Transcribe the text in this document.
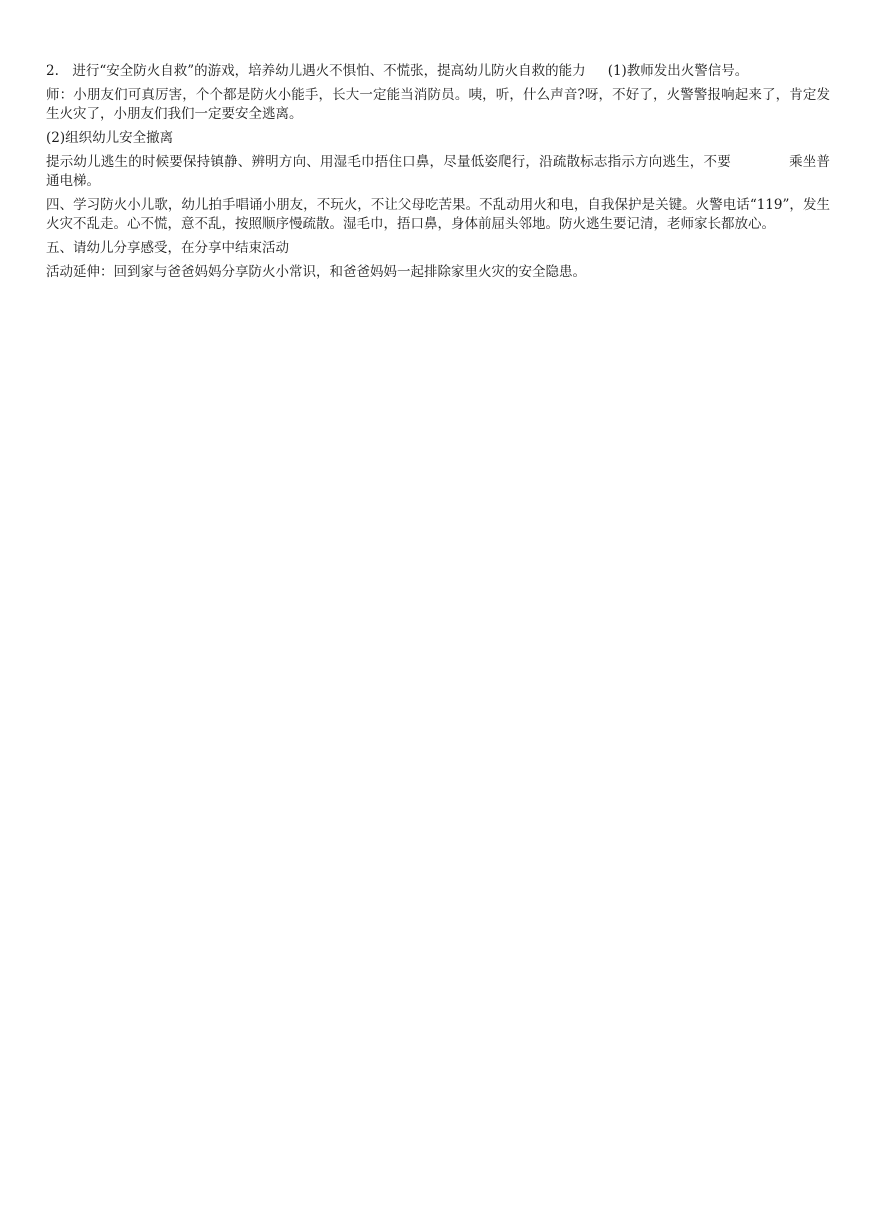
2.　进行“安全防火自救”的游戏，培养幼儿遇火不惧怕、不慌张，提高幼儿防火自救的能力 (1)教师发出火警信号。

师：小朋友们可真厉害，个个都是防火小能手，长大一定能当消防员。咦，听，什么声音?呀，不好了，火警警报响起来了，肯定发生火灾了，小朋友们我们一定要安全逃离。

(2)组织幼儿安全撤离

提示幼儿逃生的时候要保持镇静、辨明方向、用湿毛巾捂住口鼻，尽量低姿爬行，沿疏散标志指示方向逃生，不要	乘坐普通电梯。

四、学习防火小儿歌，幼儿拍手唱诵小朋友，不玩火，不让父母吃苦果。不乱动用火和电，自我保护是关键。火警电话“119”，发生火灾不乱走。心不慌，意不乱，按照顺序慢疏散。湿毛巾，捂口鼻，身体前屈头邻地。防火逃生要记清，老师家长都放心。

五、请幼儿分享感受，在分享中结束活动

活动延伸：回到家与爸爸妈妈分享防火小常识，和爸爸妈妈一起排除家里火灾的安全隐患。
